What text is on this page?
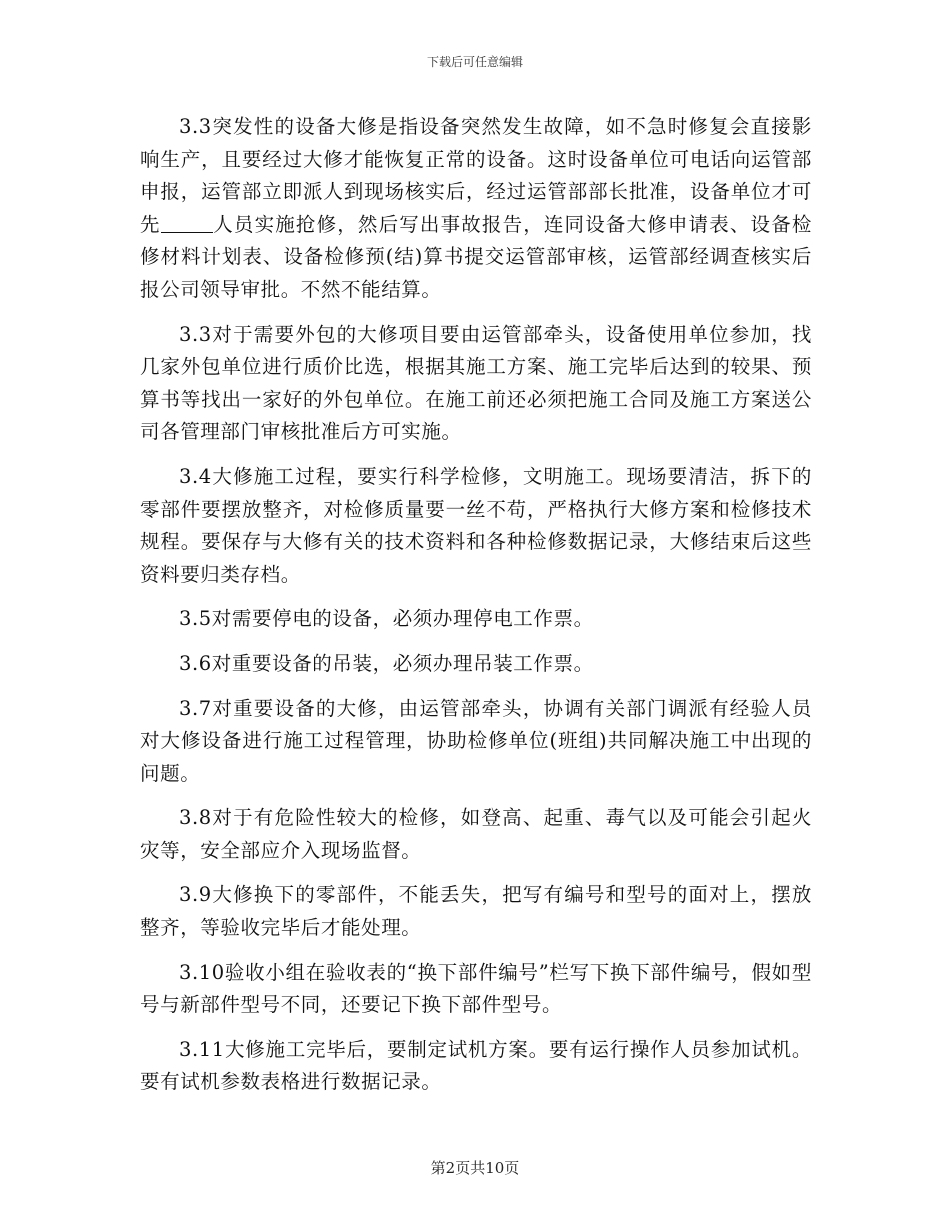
下载后可任意编辑

3.3突发性的设备大修是指设备突然发生故障，如不急时修复会直接影响生产，且要经过大修才能恢复正常的设备。这时设备单位可电话向运管部申报，运管部立即派人到现场核实后，经过运管部部长批准，设备单位才可先	人员实施抢修，然后写出事故报告，连同设备大修申请表、设备检修材料计划表、设备检修预(结)算书提交运管部审核，运管部经调查核实后报公司领导审批。不然不能结算。

3.3对于需要外包的大修项目要由运管部牵头，设备使用单位参加，找几家外包单位进行质价比选，根据其施工方案、施工完毕后达到的较果、预算书等找出一家好的外包单位。在施工前还必须把施工合同及施工方案送公司各管理部门审核批准后方可实施。

3.4大修施工过程，要实行科学检修，文明施工。现场要清洁，拆下的零部件要摆放整齐，对检修质量要一丝不苟，严格执行大修方案和检修技术规程。要保存与大修有关的技术资料和各种检修数据记录，大修结束后这些资料要归类存档。

3.5对需要停电的设备，必须办理停电工作票。

3.6对重要设备的吊装，必须办理吊装工作票。

3.7对重要设备的大修，由运管部牵头，协调有关部门调派有经验人员对大修设备进行施工过程管理，协助检修单位(班组)共同解决施工中出现的问题。

3.8对于有危险性较大的检修，如登高、起重、毒气以及可能会引起火灾等，安全部应介入现场监督。

3.9大修换下的零部件，不能丢失，把写有编号和型号的面对上，摆放整齐，等验收完毕后才能处理。

3.10验收小组在验收表的“换下部件编号”栏写下换下部件编号，假如型号与新部件型号不同，还要记下换下部件型号。

3.11大修施工完毕后，要制定试机方案。要有运行操作人员参加试机。要有试机参数表格进行数据记录。

第2页共10页
